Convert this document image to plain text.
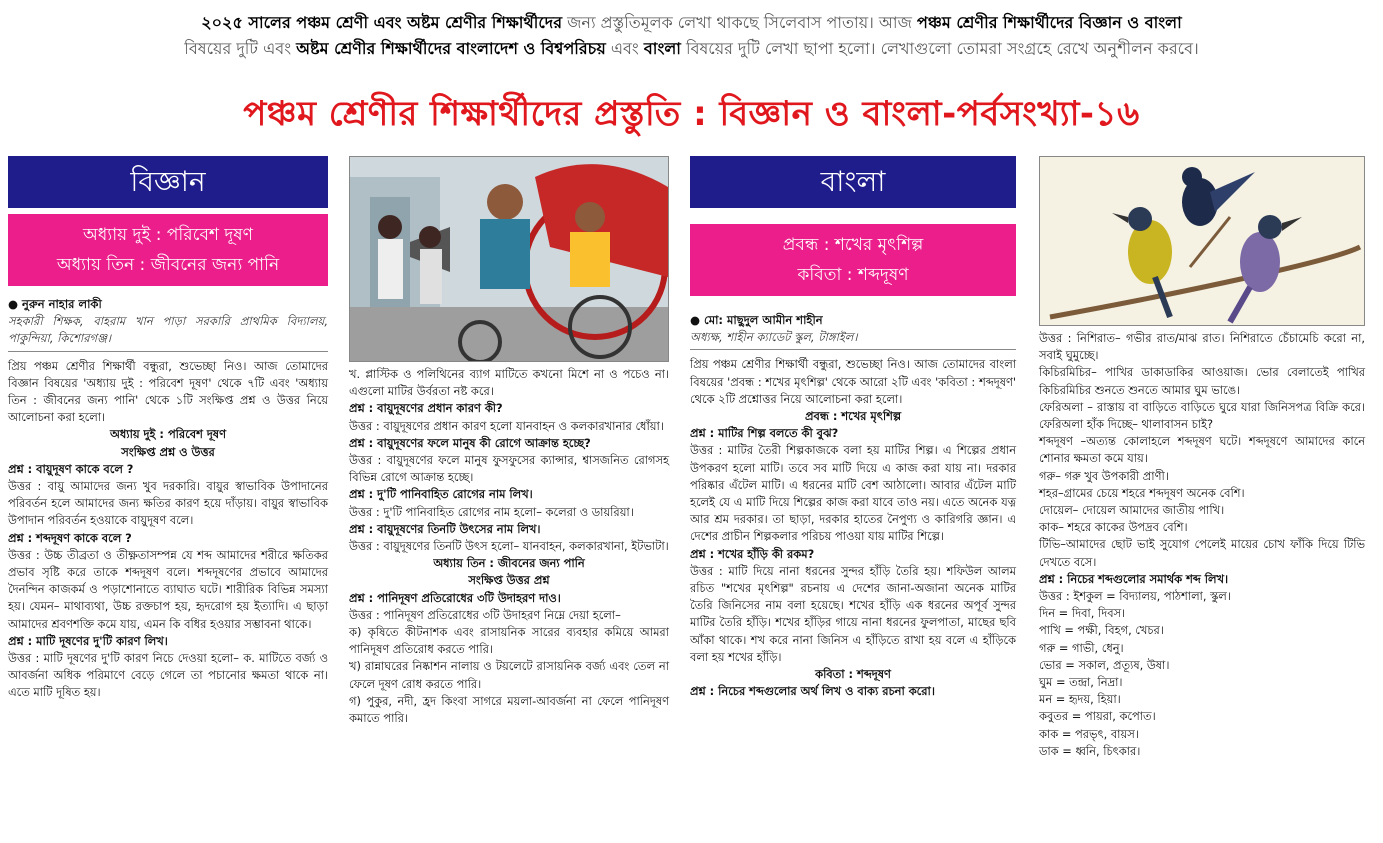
২০২৫ সালের পঞ্চম শ্রেণী এবং অষ্টম শ্রেণীর শিক্ষার্থীদের জন্য প্রস্তুতিমূলক লেখা থাকছে সিলেবাস পাতায়। আজ পঞ্চম শ্রেণীর শিক্ষার্থীদের বিজ্ঞান ও বাংলা
বিষয়ের দুটি এবং অষ্টম শ্রেণীর শিক্ষার্থীদের বাংলাদেশ ও বিশ্বপরিচয় এবং বাংলা বিষয়ের দুটি লেখা ছাপা হলো। লেখাগুলো তোমরা সংগ্রহে রেখে অনুশীলন করবে।
পঞ্চম শ্রেণীর শিক্ষার্থীদের প্রস্তুতি : বিজ্ঞান ও বাংলা-পর্বসংখ্যা-১৬
বিজ্ঞান
অধ্যায় দুই : পরিবেশ দূষণ
অধ্যায় তিন : জীবনের জন্য পানি
● নুরুন নাহার লাকী
সহকারী শিক্ষক, বাহরাম খান পাড়া সরকারি প্রাথমিক বিদ্যালয়, পাকুন্দিয়া, কিশোরগঞ্জ।

প্রিয় পঞ্চম শ্রেণীর শিক্ষার্থী বন্ধুরা, শুভেচ্ছা নিও। আজ তোমাদের বিজ্ঞান বিষয়ের 'অধ্যায় দুই : পরিবেশ দূষণ' থেকে ৭টি এবং 'অধ্যায় তিন : জীবনের জন্য পানি' থেকে ১টি সংক্ষিপ্ত প্রশ্ন ও উত্তর নিয়ে আলোচনা করা হলো।

অধ্যায় দুই : পরিবেশ দূষণ

সংক্ষিপ্ত প্রশ্ন ও উত্তর

প্রশ্ন : বায়ুদূষণ কাকে বলে ?

উত্তর : বায়ু আমাদের জন্য খুব দরকারি। বায়ুর স্বাভাবিক উপাদানের পরিবর্তন হলে আমাদের জন্য ক্ষতির কারণ হয়ে দাঁড়ায়। বায়ুর স্বাভাবিক উপাদান পরিবর্তন হওয়াকে বায়ুদূষণ বলে।

প্রশ্ন : শব্দদূষণ কাকে বলে ?

উত্তর : উচ্চ তীব্রতা ও তীক্ষ্ণতাসম্পন্ন যে শব্দ আমাদের শরীরে ক্ষতিকর প্রভাব সৃষ্টি করে তাকে শব্দদূষণ বলে। শব্দদূষণের প্রভাবে আমাদের দৈনন্দিন কাজকর্ম ও পড়াশোনাতে ব্যাঘাত ঘটে। শারীরিক বিভিন্ন সমস্যা হয়। যেমন– মাথাব্যথা, উচ্চ রক্তচাপ হয়, হৃদরোগ হয় ইত্যাদি। এ ছাড়া আমাদের শ্রবণশক্তি কমে যায়, এমন কি বধির হওয়ার সম্ভাবনা থাকে।

প্রশ্ন : মাটি দূষণের দু'টি কারণ লিখ।

উত্তর : মাটি দূষণের দু'টি কারণ নিচে দেওয়া হলো– ক. মাটিতে বর্জ্য ও আবর্জনা অধিক পরিমাণে বেড়ে গেলে তা পচানোর ক্ষমতা থাকে না। এতে মাটি দূষিত হয়।

খ. প্লাস্টিক ও পলিথিনের ব্যাগ মাটিতে কখনো মিশে না ও পচেও না। এগুলো মাটির উর্বরতা নষ্ট করে।

প্রশ্ন : বায়ুদূষণের প্রধান কারণ কী?

উত্তর : বায়ুদূষণের প্রধান কারণ হলো যানবাহন ও কলকারখানার ধোঁয়া।

প্রশ্ন : বায়ুদূষণের ফলে মানুষ কী রোগে আক্রান্ত হচ্ছে?

উত্তর : বায়ুদূষণের ফলে মানুষ ফুসফুসের ক্যান্সার, শ্বাসজনিত রোগসহ বিভিন্ন রোগে আক্রান্ত হচ্ছে।

প্রশ্ন : দু'টি পানিবাহিত রোগের নাম লিখ।

উত্তর : দু'টি পানিবাহিত রোগের নাম হলো– কলেরা ও ডায়রিয়া।

প্রশ্ন : বায়ুদূষণের তিনটি উৎসের নাম লিখ।

উত্তর : বায়ুদূষণের তিনটি উৎস হলো– যানবাহন, কলকারখানা, ইটভাটা।

অধ্যায় তিন : জীবনের জন্য পানি

সংক্ষিপ্ত উত্তর প্রশ্ন

প্রশ্ন : পানিদূষণ প্রতিরোধের ৩টি উদাহরণ দাও।

উত্তর : পানিদূষণ প্রতিরোধের ৩টি উদাহরণ নিম্নে দেয়া হলো–

ক) কৃষিতে কীটনাশক এবং রাসায়নিক সারের ব্যবহার কমিয়ে আমরা পানিদূষণ প্রতিরোধ করতে পারি।

খ) রান্নাঘরের নিষ্কাশন নালায় ও টয়লেটে রাসায়নিক বর্জ্য এবং তেল না ফেলে দূষণ রোধ করতে পারি।

গ) পুকুর, নদী, হ্রদ কিংবা সাগরে ময়লা-আবর্জনা না ফেলে পানিদূষণ কমাতে পারি।

বাংলা
প্রবন্ধ : শখের মৃৎশিল্প
কবিতা : শব্দদূষণ
● মো: মাছুদুল আমীন শাহীন
অধ্যক্ষ, শাহীন ক্যাডেট স্কুল, টাঙ্গাইল।

প্রিয় পঞ্চম শ্রেণীর শিক্ষার্থী বন্ধুরা, শুভেচ্ছা নিও। আজ তোমাদের বাংলা বিষয়ের 'প্রবন্ধ : শখের মৃৎশিল্প' থেকে আরো ২টি এবং 'কবিতা : শব্দদূষণ' থেকে ২টি প্রশ্নোত্তর নিয়ে আলোচনা করা হলো।

প্রবন্ধ : শখের মৃৎশিল্প

প্রশ্ন : মাটির শিল্প বলতে কী বুঝ?

উত্তর : মাটির তৈরী শিল্পকাজকে বলা হয় মাটির শিল্প। এ শিল্পের প্রধান উপকরণ হলো মাটি। তবে সব মাটি দিয়ে এ কাজ করা যায় না। দরকার পরিষ্কার এঁটেল মাটি। এ ধরনের মাটি বেশ আঠালো। আবার এঁটেল মাটি হলেই যে এ মাটি দিয়ে শিল্পের কাজ করা যাবে তাও নয়। এতে অনেক যত্ন আর শ্রম দরকার। তা ছাড়া, দরকার হাতের নৈপুণ্য ও কারিগরি জ্ঞান। এ দেশের প্রাচীন শিল্পকলার পরিচয় পাওয়া যায় মাটির শিল্পে।

প্রশ্ন : শখের হাঁড়ি কী রকম?

উত্তর : মাটি দিয়ে নানা ধরনের সুন্দর হাঁড়ি তৈরি হয়। শফিউল আলম রচিত "শখের মৃৎশিল্প" রচনায় এ দেশের জানা-অজানা অনেক মাটির তৈরি জিনিসের নাম বলা হয়েছে। শখের হাঁড়ি এক ধরনের অপূর্ব সুন্দর মাটির তৈরি হাঁড়ি। শখের হাঁড়ির গায়ে নানা ধরনের ফুলপাতা, মাছের ছবি আঁকা থাকে। শখ করে নানা জিনিস এ হাঁড়িতে রাখা হয় বলে এ হাঁড়িকে বলা হয় শখের হাঁড়ি।

কবিতা : শব্দদূষণ

প্রশ্ন : নিচের শব্দগুলোর অর্থ লিখ ও বাক্য রচনা করো।

উত্তর : নিশিরাত– গভীর রাত/মাঝ রাত। নিশিরাতে চেঁচামেচি করো না, সবাই ঘুমুচ্ছে।

কিচিরমিচির– পাখির ডাকাডাকির আওয়াজ। ভোর বেলাতেই পাখির কিচিরমিচির শুনতে শুনতে আমার ঘুম ভাঙে।

ফেরিঅলা – রাস্তায় বা বাড়িতে বাড়িতে ঘুরে যারা জিনিসপত্র বিক্রি করে। ফেরিঅলা হাঁক দিচ্ছে– থালাবাসন চাই?

শব্দদূষণ –অত্যন্ত কোলাহলে শব্দদূষণ ঘটে। শব্দদূষণে আমাদের কানে শোনার ক্ষমতা কমে যায়।

গরু– গরু খুব উপকারী প্রাণী।

শহর–গ্রামের চেয়ে শহরে শব্দদূষণ অনেক বেশি।

দোয়েল– দোয়েল আমাদের জাতীয় পাখি।

কাক– শহরে কাকের উপদ্রব বেশি।

টিভি–আমাদের ছোট ভাই সুযোগ পেলেই মায়ের চোখ ফাঁকি দিয়ে টিভি দেখতে বসে।

প্রশ্ন : নিচের শব্দগুলোর সমার্থক শব্দ লিখ।

উত্তর : ইশকুল = বিদ্যালয়, পাঠশালা, স্কুল।

দিন = দিবা, দিবস।

পাখি = পক্ষী, বিহগ, খেচর।

গরু = গাভী, ধেনু।

ভোর = সকাল, প্রত্যূষ, উষা।

ঘুম = তন্দ্রা, নিদ্রা।

মন = হৃদয়, হিয়া।

কবুতর = পায়রা, কপোত।

কাক = পরভৃৎ, বায়স।

ডাক = ধ্বনি, চিৎকার।
